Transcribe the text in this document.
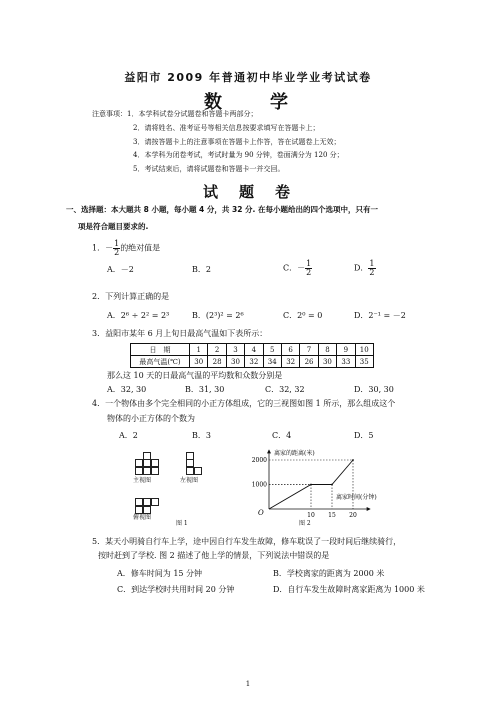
益阳市 2009 年普通初中毕业学业考试试卷
数　　学
注意事项： 1．本学科试卷分试题卷和答题卡两部分；
2．请将姓名、准考证号等相关信息按要求填写在答题卡上；
3．请按答题卡上的注意事项在答题卡上作答，答在试题卷上无效；
4．本学科为闭卷考试，考试时量为 90 分钟，卷面满分为 120 分；
5．考试结束后，请将试题卷和答题卡一并交回。
试　题　卷
一、选择题：本大题共 8 小题，每小题 4 分，共 32 分. 在每小题给出的四个选项中，只有一
项是符合题目要求的.
1．－ $\frac{1}{2}$ 的绝对值是
A．－2	B．2	C．－ $\frac{1}{2}$	D． $\frac{1}{2}$
2．下列计算正确的是
A．2⁶ ÷ 2² = 2³	B．(2³)² = 2⁶	C．2⁰ = 0	D．2⁻¹ = －2
3．益阳市某年 6 月上旬日最高气温如下表所示：
日　期	1	2	3	4	5	6	7	8	9	10
最高气温(℃)	30	28	30	32	34	32	26	30	33	35
那么这 10 天的日最高气温的平均数和众数分别是
A．32, 30	B．31, 30	C．32, 32	D．30, 30
4．一个物体由多个完全相同的小正方体组成，它的三视图如图 1 所示，那么组成这个
物体的小正方体的个数为
A．2	B．3	C．4	D．5
主视图	左视图
俯视图
图 1
2000
1000
10 15 20
离家的距离(米)
离家时间(分钟)
O
图 2
5．某天小明骑自行车上学，途中因自行车发生故障，修车耽误了一段时间后继续骑行，
按时赶到了学校. 图 2 描述了他上学的情景，下列说法中错误的是
A．修车时间为 15 分钟	B．学校离家的距离为 2000 米
C．到达学校时共用时间 20 分钟	D．自行车发生故障时离家距离为 1000 米
1
